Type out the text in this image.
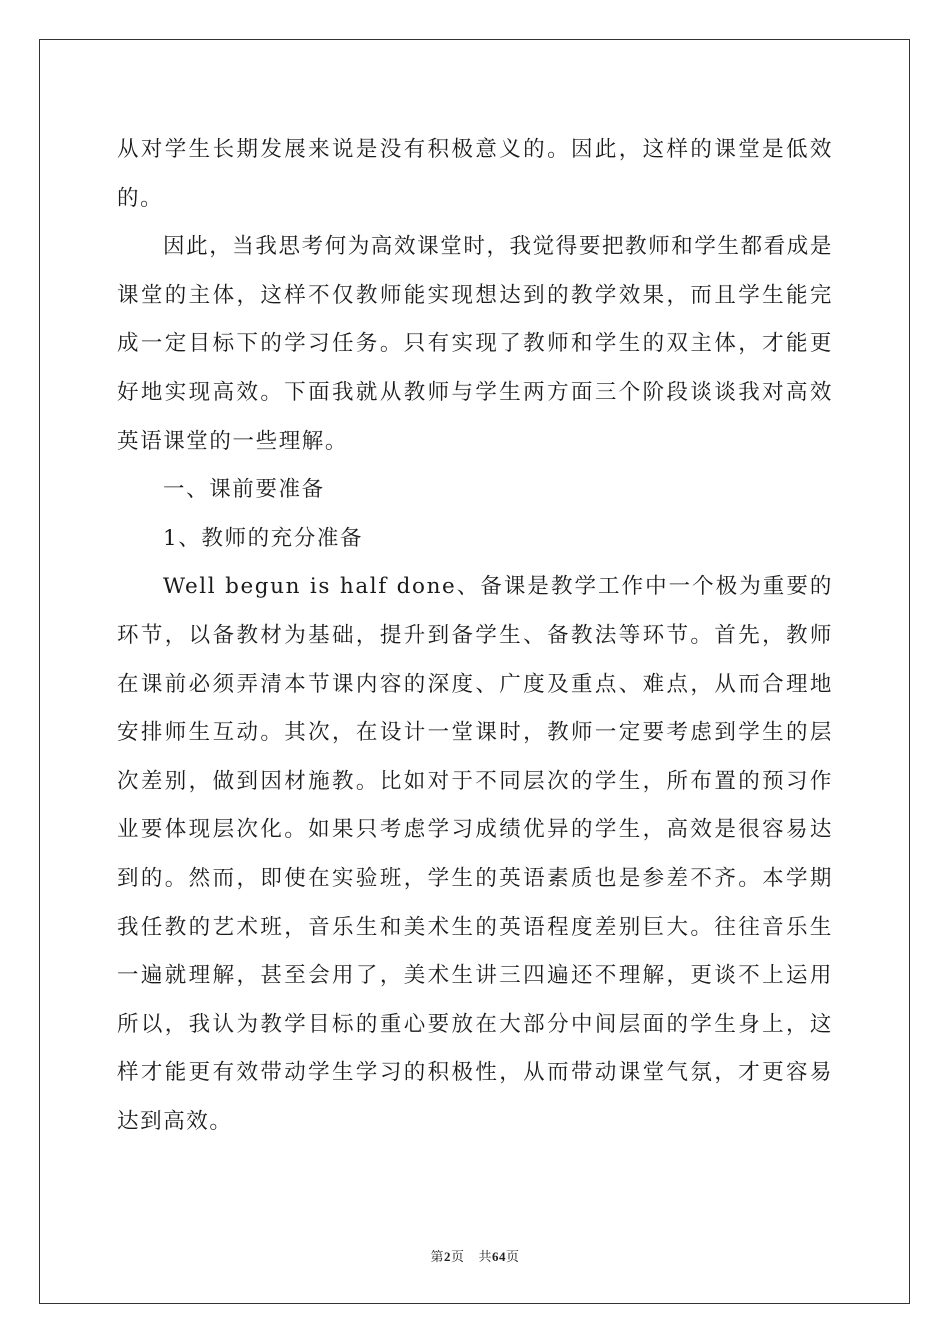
从对学生长期发展来说是没有积极意义的。因此，这样的课堂是低效的。

因此，当我思考何为高效课堂时，我觉得要把教师和学生都看成是课堂的主体，这样不仅教师能实现想达到的教学效果，而且学生能完成一定目标下的学习任务。只有实现了教师和学生的双主体，才能更好地实现高效。下面我就从教师与学生两方面三个阶段谈谈我对高效英语课堂的一些理解。

一、课前要准备

1、教师的充分准备

Well begun is half done、备课是教学工作中一个极为重要的环节，以备教材为基础，提升到备学生、备教法等环节。首先，教师在课前必须弄清本节课内容的深度、广度及重点、难点，从而合理地安排师生互动。其次，在设计一堂课时，教师一定要考虑到学生的层次差别，做到因材施教。比如对于不同层次的学生，所布置的预习作业要体现层次化。如果只考虑学习成绩优异的学生，高效是很容易达到的。然而，即使在实验班，学生的英语素质也是参差不齐。本学期我任教的艺术班，音乐生和美术生的英语程度差别巨大。往往音乐生一遍就理解，甚至会用了，美术生讲三四遍还不理解，更谈不上运用所以，我认为教学目标的重心要放在大部分中间层面的学生身上，这样才能更有效带动学生学习的积极性，从而带动课堂气氛，才更容易达到高效。

第2页 共64页
